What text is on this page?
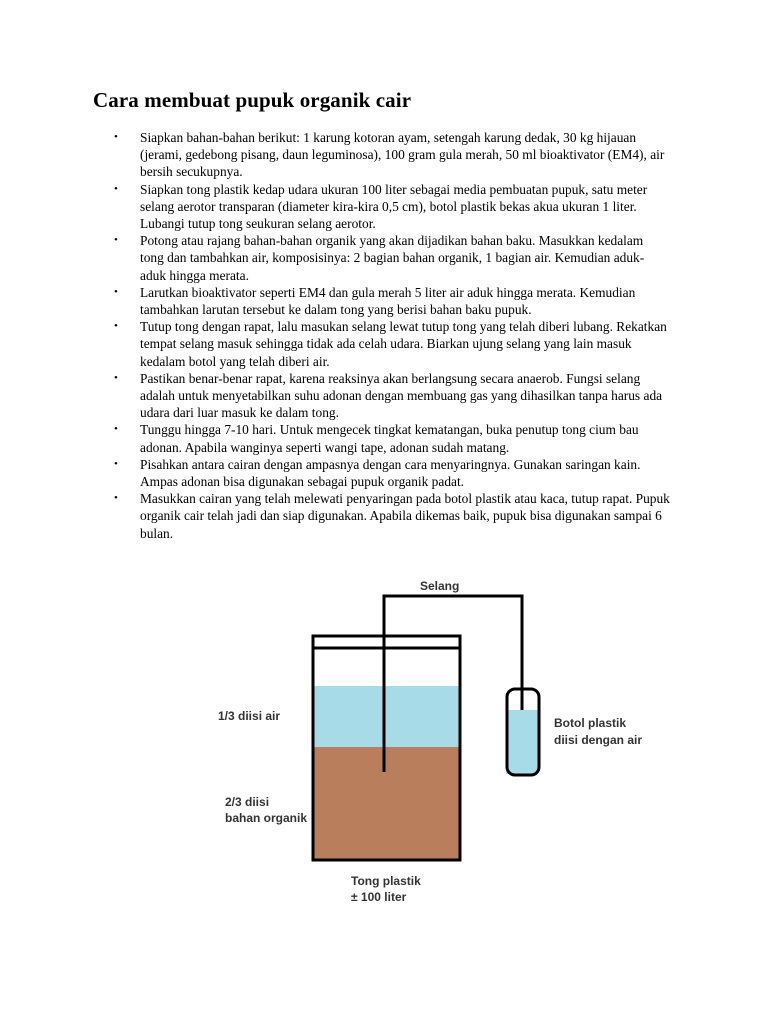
Cara membuat pupuk organik cair
• Siapkan bahan-bahan berikut: 1 karung kotoran ayam, setengah karung dedak, 30 kg hijauan (jerami, gedebong pisang, daun leguminosa), 100 gram gula merah, 50 ml bioaktivator (EM4), air bersih secukupnya.
• Siapkan tong plastik kedap udara ukuran 100 liter sebagai media pembuatan pupuk, satu meter selang aerotor transparan (diameter kira-kira 0,5 cm), botol plastik bekas akua ukuran 1 liter. Lubangi tutup tong seukuran selang aerotor.
• Potong atau rajang bahan-bahan organik yang akan dijadikan bahan baku. Masukkan kedalam tong dan tambahkan air, komposisinya: 2 bagian bahan organik, 1 bagian air. Kemudian aduk-aduk hingga merata.
• Larutkan bioaktivator seperti EM4 dan gula merah 5 liter air aduk hingga merata. Kemudian tambahkan larutan tersebut ke dalam tong yang berisi bahan baku pupuk.
• Tutup tong dengan rapat, lalu masukan selang lewat tutup tong yang telah diberi lubang. Rekatkan tempat selang masuk sehingga tidak ada celah udara. Biarkan ujung selang yang lain masuk kedalam botol yang telah diberi air.
• Pastikan benar-benar rapat, karena reaksinya akan berlangsung secara anaerob. Fungsi selang adalah untuk menyetabilkan suhu adonan dengan membuang gas yang dihasilkan tanpa harus ada udara dari luar masuk ke dalam tong.
• Tunggu hingga 7-10 hari. Untuk mengecek tingkat kematangan, buka penutup tong cium bau adonan. Apabila wanginya seperti wangi tape, adonan sudah matang.
• Pisahkan antara cairan dengan ampasnya dengan cara menyaringnya. Gunakan saringan kain. Ampas adonan bisa digunakan sebagai pupuk organik padat.
• Masukkan cairan yang telah melewati penyaringan pada botol plastik atau kaca, tutup rapat. Pupuk organik cair telah jadi dan siap digunakan. Apabila dikemas baik, pupuk bisa digunakan sampai 6 bulan.
Selang
1/3 diisi air
2/3 diisi
bahan organik
Botol plastik
diisi dengan air
Tong plastik
± 100 liter
